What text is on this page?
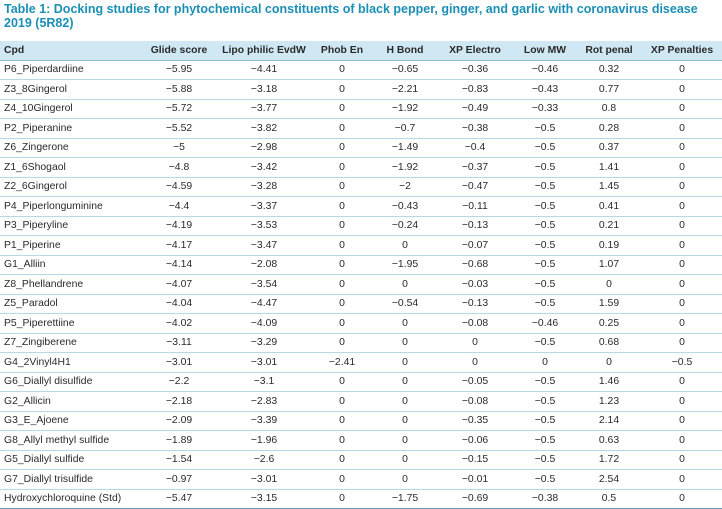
Table 1: Docking studies for phytochemical constituents of black pepper, ginger, and garlic with coronavirus disease 2019 (5R82)
Cpd	Glide score	Lipo philic EvdW	Phob En	H Bond	XP Electro	Low MW	Rot penal	XP Penalties
P6_Piperdardiine	−5.95	−4.41	0	−0.65	−0.36	−0.46	0.32	0
Z3_8Gingerol	−5.88	−3.18	0	−2.21	−0.83	−0.43	0.77	0
Z4_10Gingerol	−5.72	−3.77	0	−1.92	−0.49	−0.33	0.8	0
P2_Piperanine	−5.52	−3.82	0	−0.7	−0.38	−0.5	0.28	0
Z6_Zingerone	−5	−2.98	0	−1.49	−0.4	−0.5	0.37	0
Z1_6Shogaol	−4.8	−3.42	0	−1.92	−0.37	−0.5	1.41	0
Z2_6Gingerol	−4.59	−3.28	0	−2	−0.47	−0.5	1.45	0
P4_Piperlonguminine	−4.4	−3.37	0	−0.43	−0.11	−0.5	0.41	0
P3_Piperyline	−4.19	−3.53	0	−0.24	−0.13	−0.5	0.21	0
P1_Piperine	−4.17	−3.47	0	0	−0.07	−0.5	0.19	0
G1_Alliin	−4.14	−2.08	0	−1.95	−0.68	−0.5	1.07	0
Z8_Phellandrene	−4.07	−3.54	0	0	−0.03	−0.5	0	0
Z5_Paradol	−4.04	−4.47	0	−0.54	−0.13	−0.5	1.59	0
P5_Piperettiine	−4.02	−4.09	0	0	−0.08	−0.46	0.25	0
Z7_Zingiberene	−3.11	−3.29	0	0	0	−0.5	0.68	0
G4_2Vinyl4H1	−3.01	−3.01	−2.41	0	0	0	0	−0.5
G6_Diallyl disulfide	−2.2	−3.1	0	0	−0.05	−0.5	1.46	0
G2_Allicin	−2.18	−2.83	0	0	−0.08	−0.5	1.23	0
G3_E_Ajoene	−2.09	−3.39	0	0	−0.35	−0.5	2.14	0
G8_Allyl methyl sulfide	−1.89	−1.96	0	0	−0.06	−0.5	0.63	0
G5_Diallyl sulfide	−1.54	−2.6	0	0	−0.15	−0.5	1.72	0
G7_Diallyl trisulfide	−0.97	−3.01	0	0	−0.01	−0.5	2.54	0
Hydroxychloroquine (Std)	−5.47	−3.15	0	−1.75	−0.69	−0.38	0.5	0
